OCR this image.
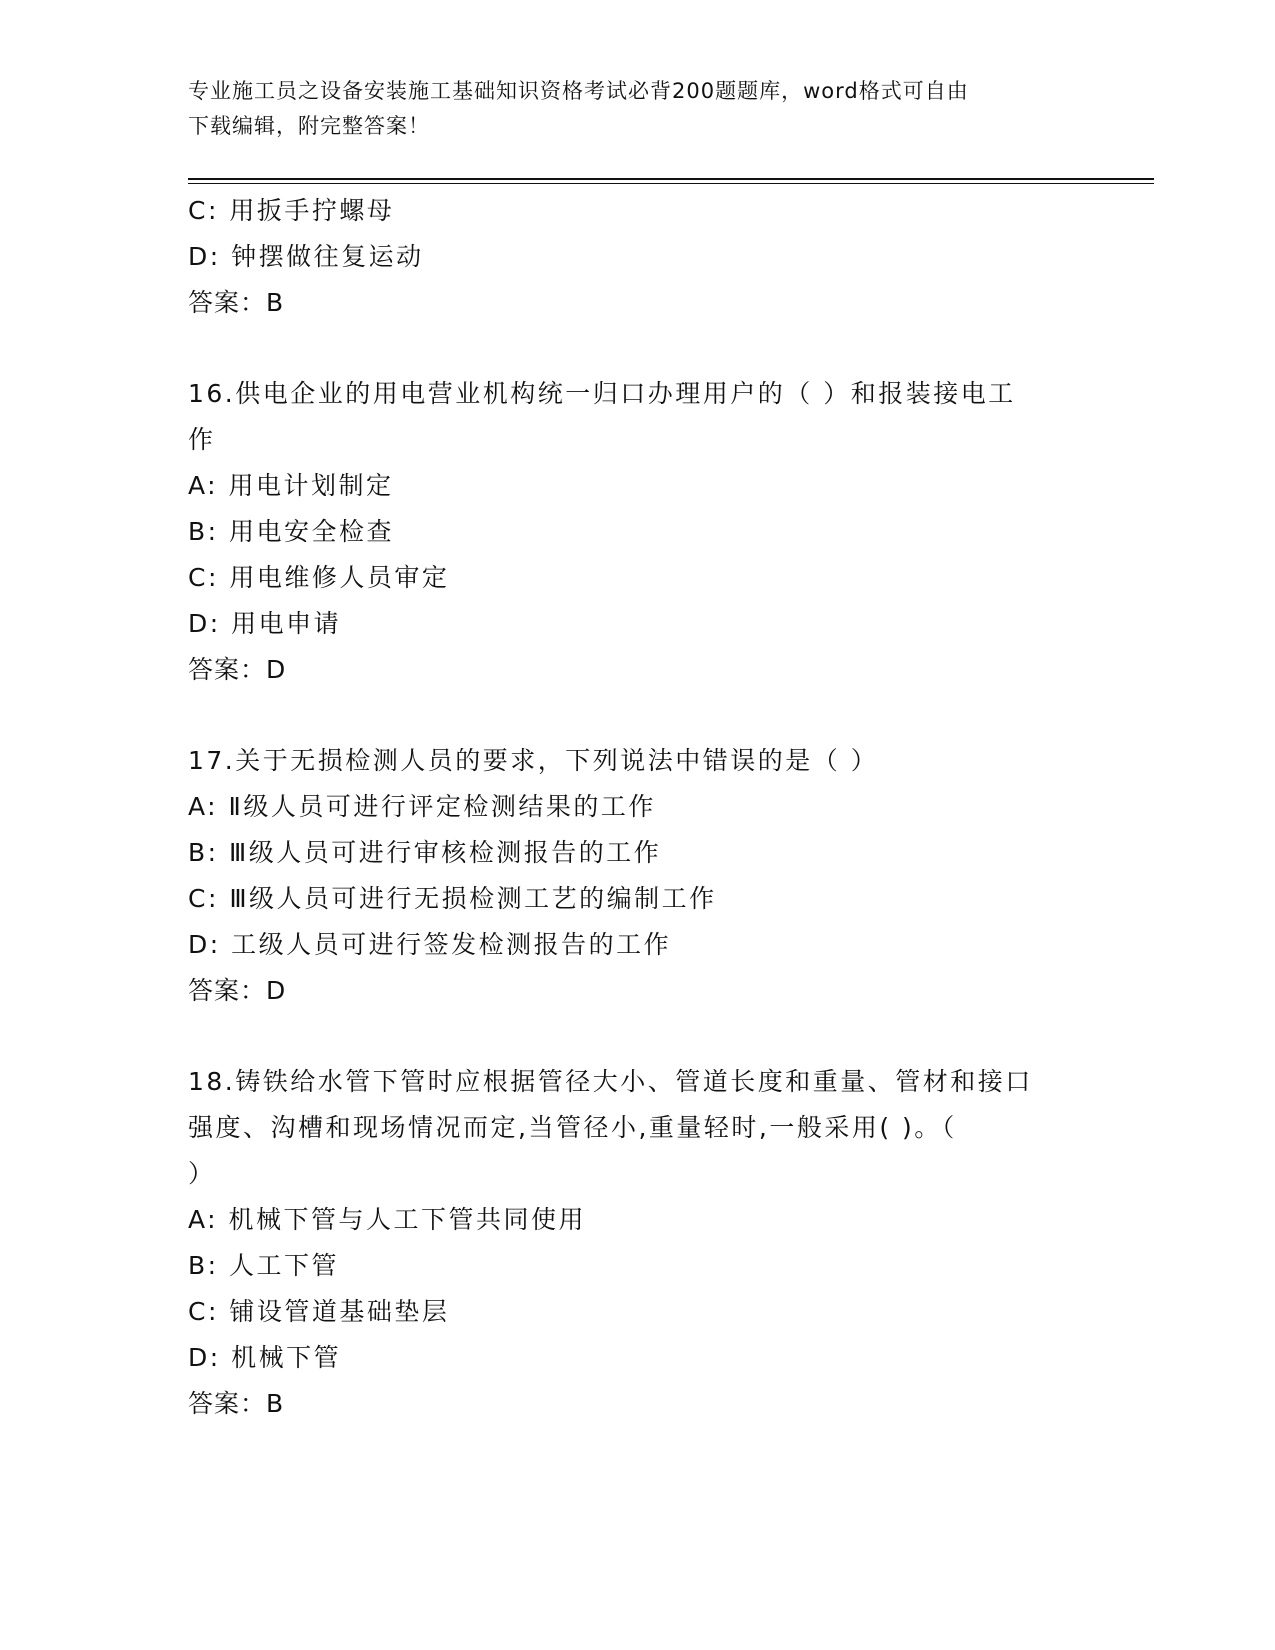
专业施工员之设备安装施工基础知识资格考试必背200题题库，word格式可自由
下载编辑，附完整答案！
C: 用扳手拧螺母
D: 钟摆做往复运动
答案：B
16.供电企业的用电营业机构统一归口办理用户的（ ）和报装接电工
作
A: 用电计划制定
B: 用电安全检查
C: 用电维修人员审定
D: 用电申请
答案：D
17.关于无损检测人员的要求，下列说法中错误的是（ ）
A: Ⅱ级人员可进行评定检测结果的工作
B: Ⅲ级人员可进行审核检测报告的工作
C: Ⅲ级人员可进行无损检测工艺的编制工作
D: 工级人员可进行签发检测报告的工作
答案：D
18.铸铁给水管下管时应根据管径大小、管道长度和重量、管材和接口
强度、沟槽和现场情况而定,当管径小,重量轻时,一般采用( )。（
）
A: 机械下管与人工下管共同使用
B: 人工下管
C: 铺设管道基础垫层
D: 机械下管
答案：B
